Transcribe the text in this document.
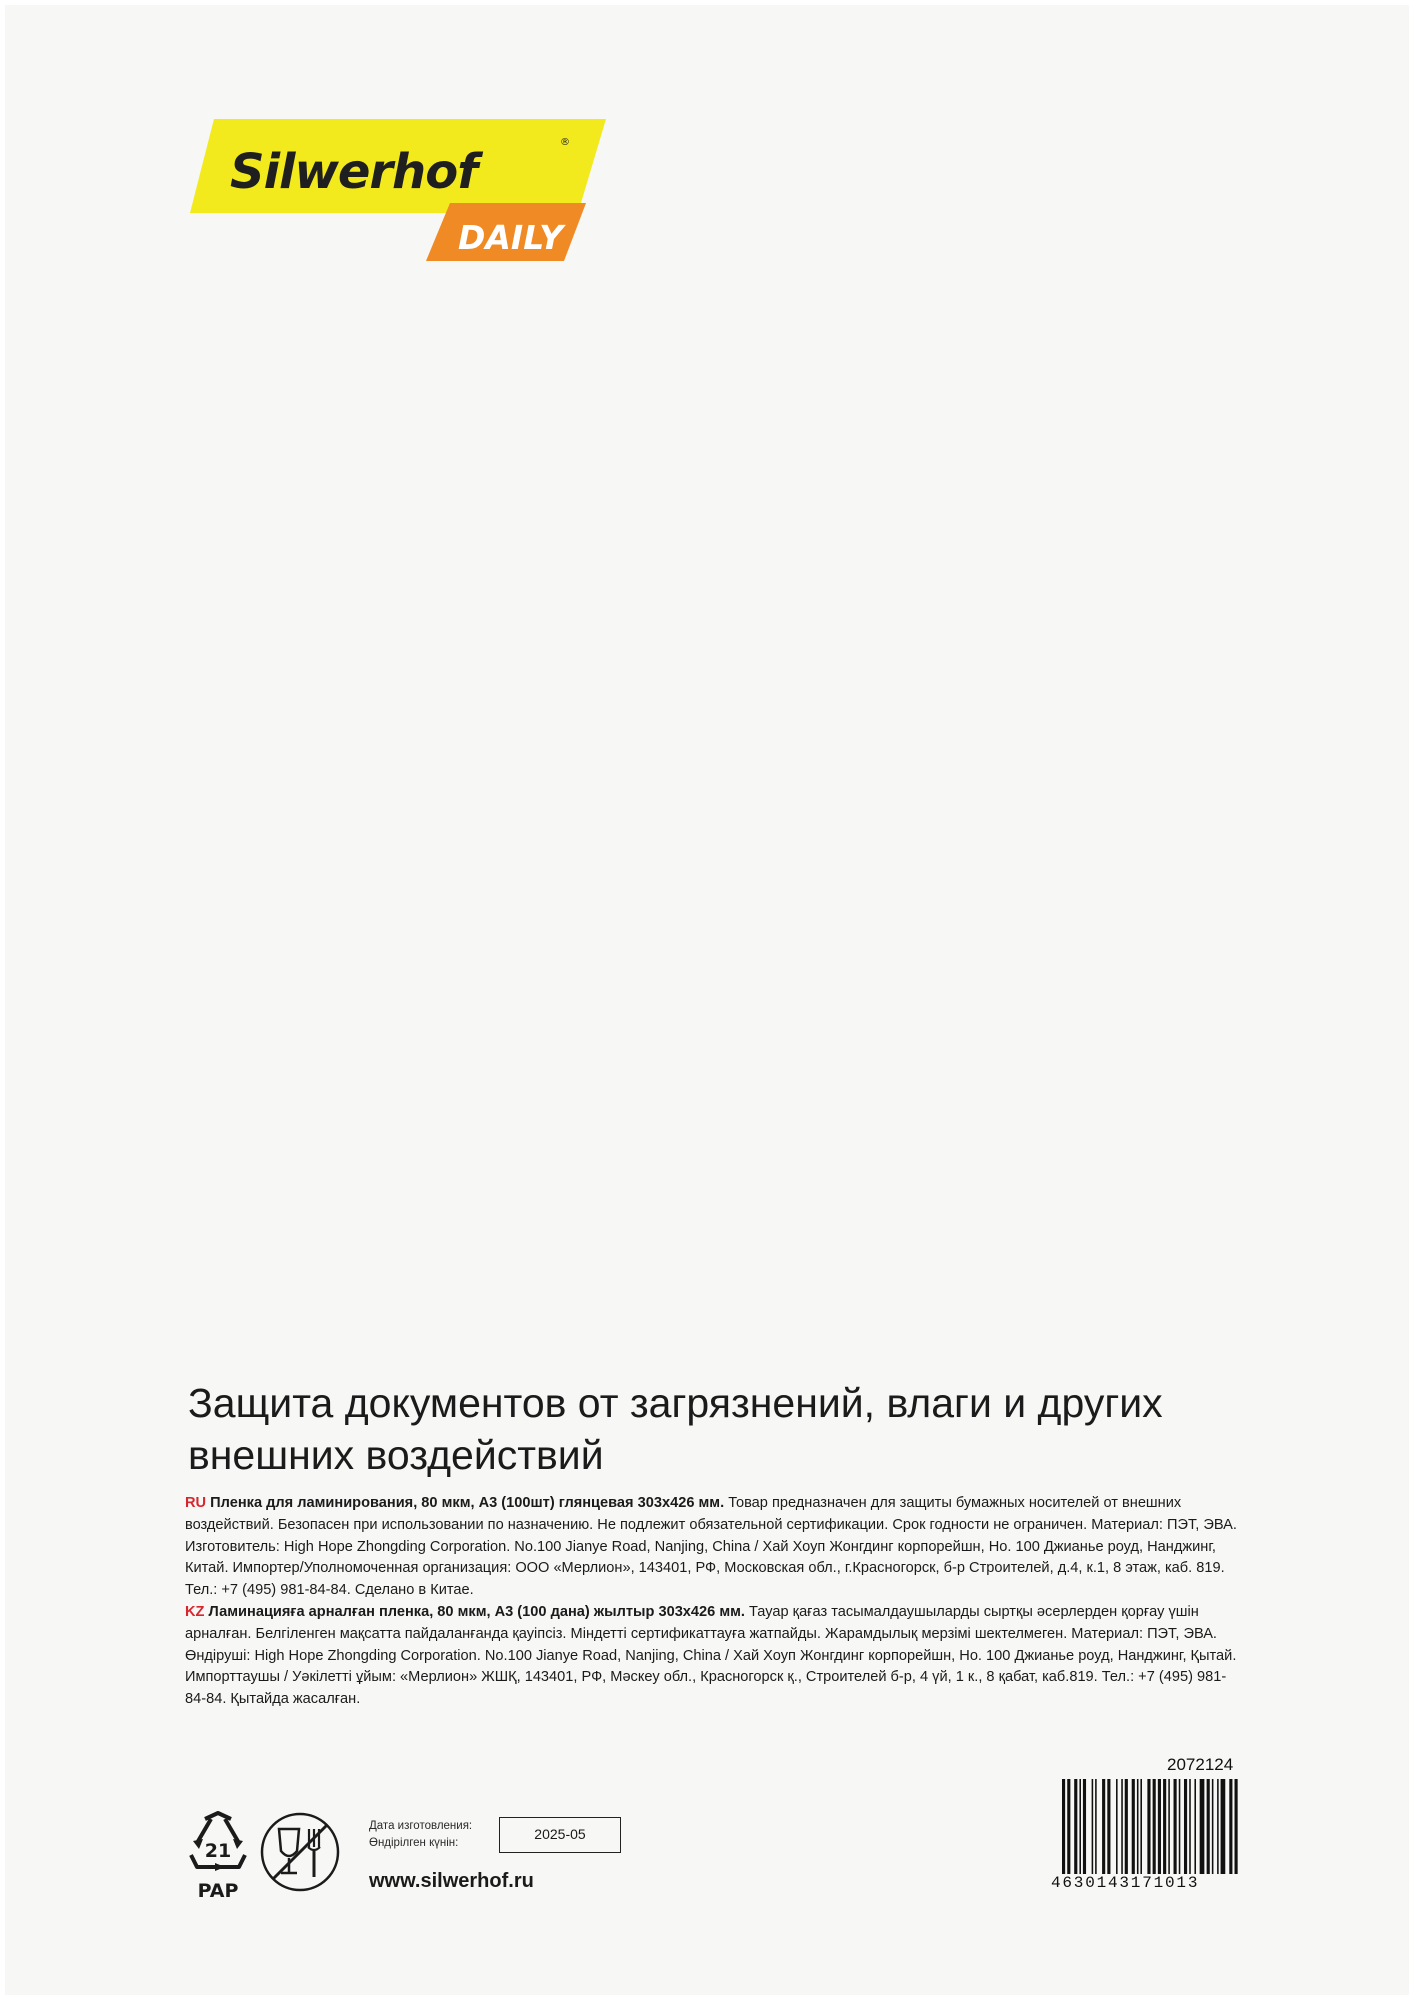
Silwerhof
®
DAILY
Защита документов от загрязнений, влаги и других внешних воздействий

RU Пленка для ламинирования, 80 мкм, А3 (100шт) глянцевая 303х426 мм. Товар предназначен для защиты бумажных носителей от внешних воздействий. Безопасен при использовании по назначению. Не подлежит обязательной сертификации. Срок годности не ограничен. Материал: ПЭТ, ЭВА.

Изготовитель: High Hope Zhongding Corporation. No.100 Jianye Road, Nanjing, China / Хай Хоуп Жонгдинг корпорейшн, Но. 100 Джианье роуд, Нанджинг, Китай. Импортер/Уполномоченная организация: ООО «Мерлион», 143401, РФ, Московская обл., г.Красногорск, б-р Строителей, д.4, к.1, 8 этаж, каб. 819. Тел.: +7 (495) 981-84-84. Сделано в Китае.

KZ Ламинацияға арналған пленка, 80 мкм, А3 (100 дана) жылтыр 303х426 мм. Тауар қағаз тасымалдаушыларды сыртқы әсерлерден қорғау үшін арналған. Белгіленген мақсатта пайдаланғанда қауіпсіз. Міндетті сертификаттауға жатпайды. Жарамдылық мерзімі шектелмеген. Материал: ПЭТ, ЭВА.

Өндіруші: High Hope Zhongding Corporation. No.100 Jianye Road, Nanjing, China / Хай Хоуп Жонгдинг корпорейшн, Но. 100 Джианье роуд, Нанджинг, Қытай. Импорттаушы / Уәкілетті ұйым: «Мерлион» ЖШҚ, 143401, РФ, Мәскеу обл., Красногорск қ., Строителей б-р, 4 үй, 1 к., 8 қабат, каб.819. Тел.: +7 (495) 981-84-84. Қытайда жасалған.

21
PAP
Дата изготовления:
Өндірілген күнін:
2025-05
www.silwerhof.ru
2072124
4630143171013
